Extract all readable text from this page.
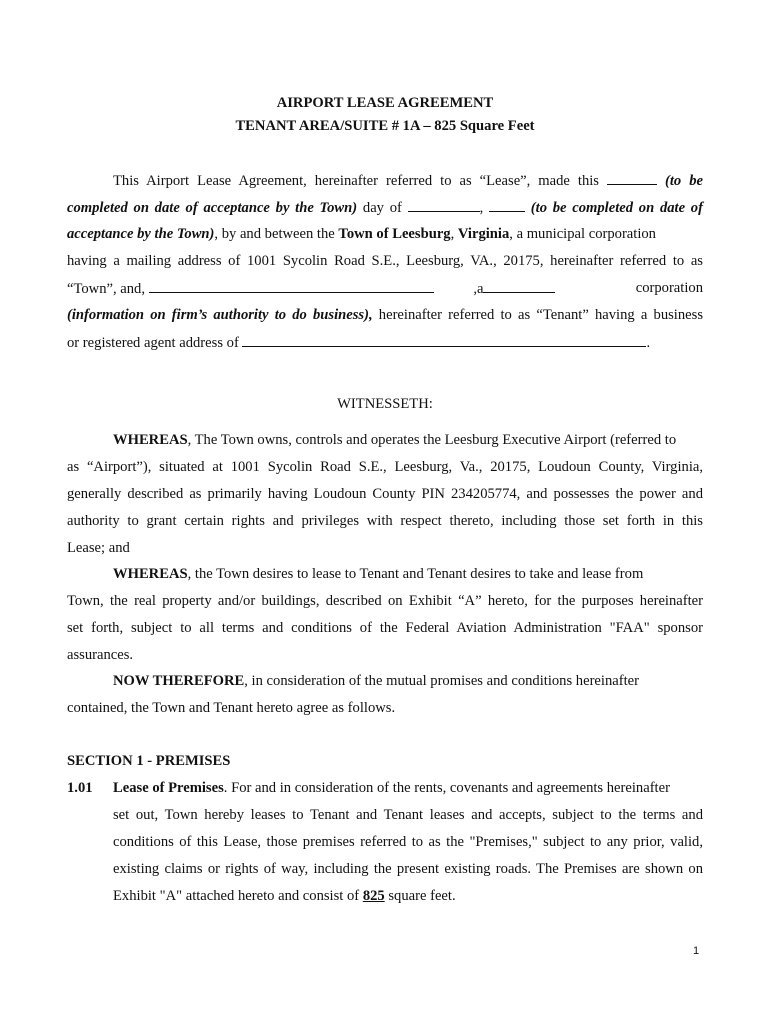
AIRPORT LEASE AGREEMENT
TENANT AREA/SUITE # 1A – 825 Square Feet
This Airport Lease Agreement, hereinafter referred to as “Lease”, made this	(to be
completed on date of acceptance by the Town) day of	,	(to be completed on date of
acceptance by the Town), by and between the Town of Leesburg, Virginia, a municipal corporation
having a mailing address of 1001 Sycolin Road S.E., Leesburg, VA., 20175, hereinafter referred to as
“Town”, and,	,a	corporation
(information on firm’s authority to do business), hereinafter referred to as “Tenant” having a business
or registered agent address of	.
WITNESSETH:
WHEREAS, The Town owns, controls and operates the Leesburg Executive Airport (referred to
as “Airport”), situated at 1001 Sycolin Road S.E., Leesburg, Va., 20175, Loudoun County, Virginia,
generally described as primarily having Loudoun County PIN 234205774, and possesses the power and
authority to grant certain rights and privileges with respect thereto, including those set forth in this
Lease; and
WHEREAS, the Town desires to lease to Tenant and Tenant desires to take and lease from
Town, the real property and/or buildings, described on Exhibit “A” hereto, for the purposes hereinafter
set forth, subject to all terms and conditions of the Federal Aviation Administration "FAA" sponsor
assurances.
NOW THEREFORE, in consideration of the mutual promises and conditions hereinafter
contained, the Town and Tenant hereto agree as follows.
SECTION 1 - PREMISES
1.01	Lease of Premises. For and in consideration of the rents, covenants and agreements hereinafter
set out, Town hereby leases to Tenant and Tenant leases and accepts, subject to the terms and
conditions of this Lease, those premises referred to as the "Premises," subject to any prior, valid,
existing claims or rights of way, including the present existing roads. The Premises are shown on
Exhibit "A" attached hereto and consist of 825 square feet.
1
